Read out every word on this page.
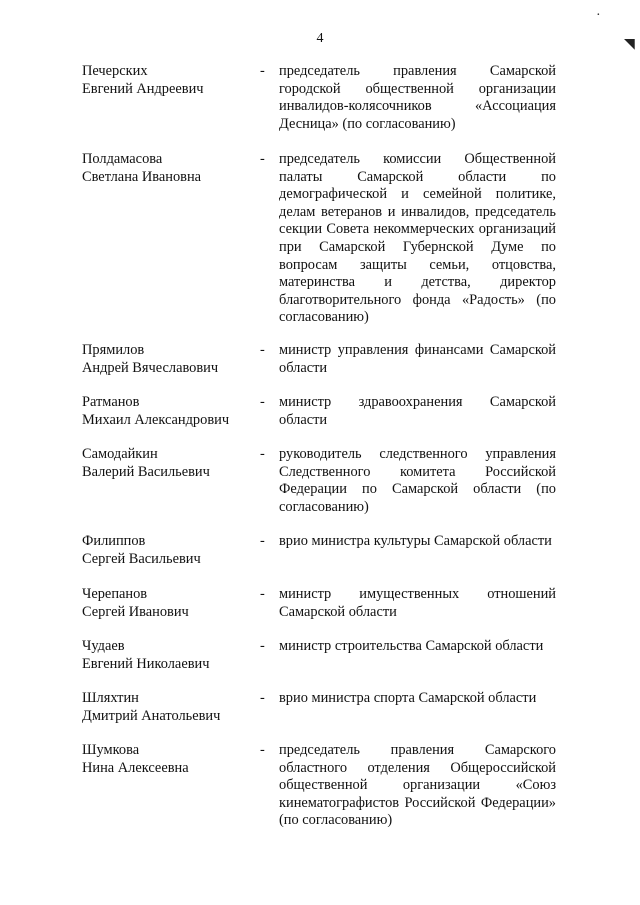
4
·
◥
Печерских
Евгений Андреевич
- председатель правления Самарской городской общественной организации инвалидов-колясочников «Ассоциация Десница» (по согласованию)
Полдамасова
Светлана Ивановна
- председатель комиссии Общественной палаты Самарской области по демографической и семейной политике, делам ветеранов и инвалидов, председатель секции Совета некоммерческих организаций при Самарской Губернской Думе по вопросам защиты семьи, отцовства, материнства и детства, директор благотворительного фонда «Радость» (по согласованию)
Прямилов
Андрей Вячеславович
- министр управления финансами Самарской области
Ратманов
Михаил Александрович
- министр здравоохранения Самарской области
Самодайкин
Валерий Васильевич
- руководитель следственного управления Следственного комитета Российской Федерации по Самарской области (по согласованию)
Филиппов
Сергей Васильевич
- врио министра культуры Самарской области
Черепанов
Сергей Иванович
- министр имущественных отношений Самарской области
Чудаев
Евгений Николаевич
- министр строительства Самарской области
Шляхтин
Дмитрий Анатольевич
- врио министра спорта Самарской области
Шумкова
Нина Алексеевна
- председатель правления Самарского областного отделения Общероссийской общественной организации «Союз кинематографистов Российской Федерации» (по согласованию)
